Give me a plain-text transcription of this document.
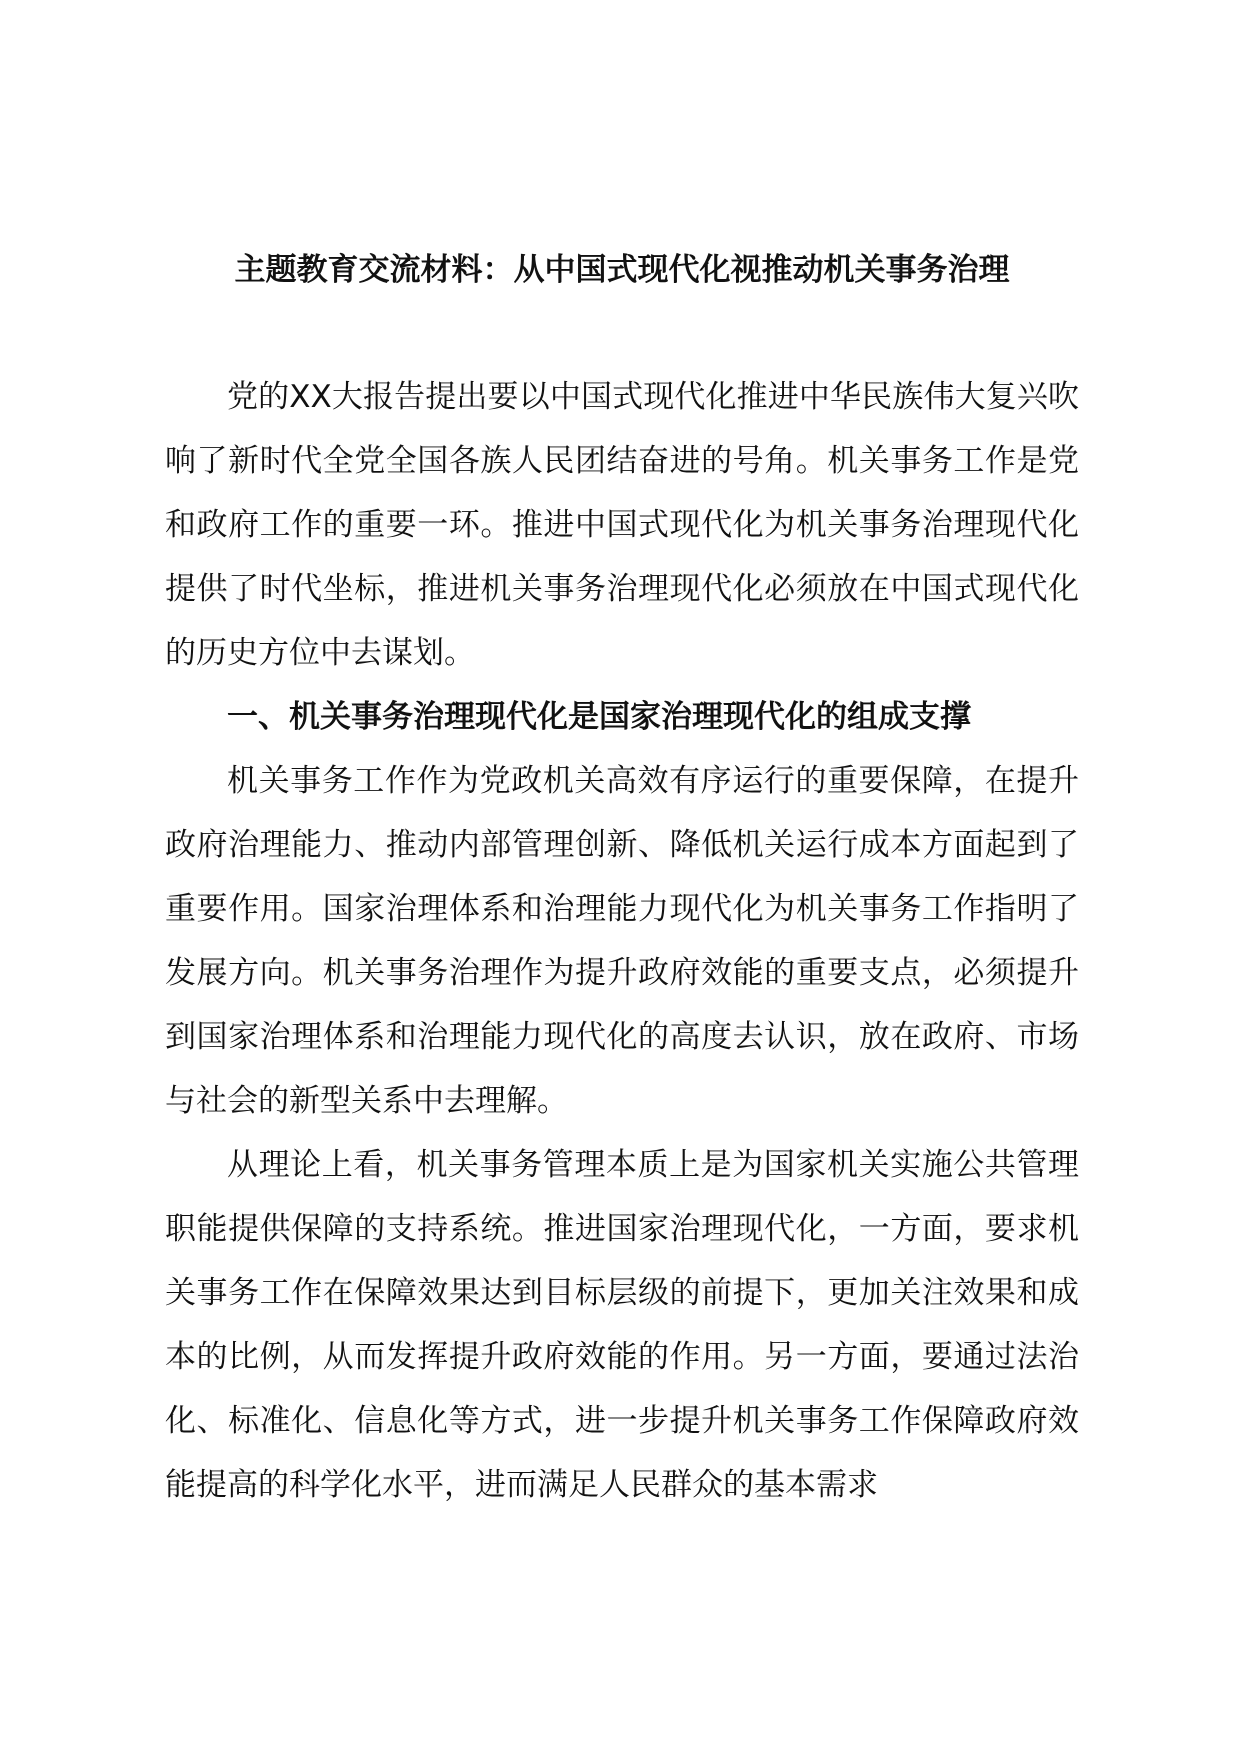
主题教育交流材料：从中国式现代化视推动机关事务治理

党的XX大报告提出要以中国式现代化推进中华民族伟大复兴吹响了新时代全党全国各族人民团结奋进的号角。机关事务工作是党和政府工作的重要一环。推进中国式现代化为机关事务治理现代化提供了时代坐标，推进机关事务治理现代化必须放在中国式现代化的历史方位中去谋划。

一、机关事务治理现代化是国家治理现代化的组成支撑

机关事务工作作为党政机关高效有序运行的重要保障，在提升政府治理能力、推动内部管理创新、降低机关运行成本方面起到了重要作用。国家治理体系和治理能力现代化为机关事务工作指明了发展方向。机关事务治理作为提升政府效能的重要支点，必须提升到国家治理体系和治理能力现代化的高度去认识，放在政府、市场与社会的新型关系中去理解。

从理论上看，机关事务管理本质上是为国家机关实施公共管理职能提供保障的支持系统。推进国家治理现代化，一方面，要求机关事务工作在保障效果达到目标层级的前提下，更加关注效果和成本的比例，从而发挥提升政府效能的作用。另一方面，要通过法治化、标准化、信息化等方式，进一步提升机关事务工作保障政府效能提高的科学化水平，进而满足人民群众的基本需求
